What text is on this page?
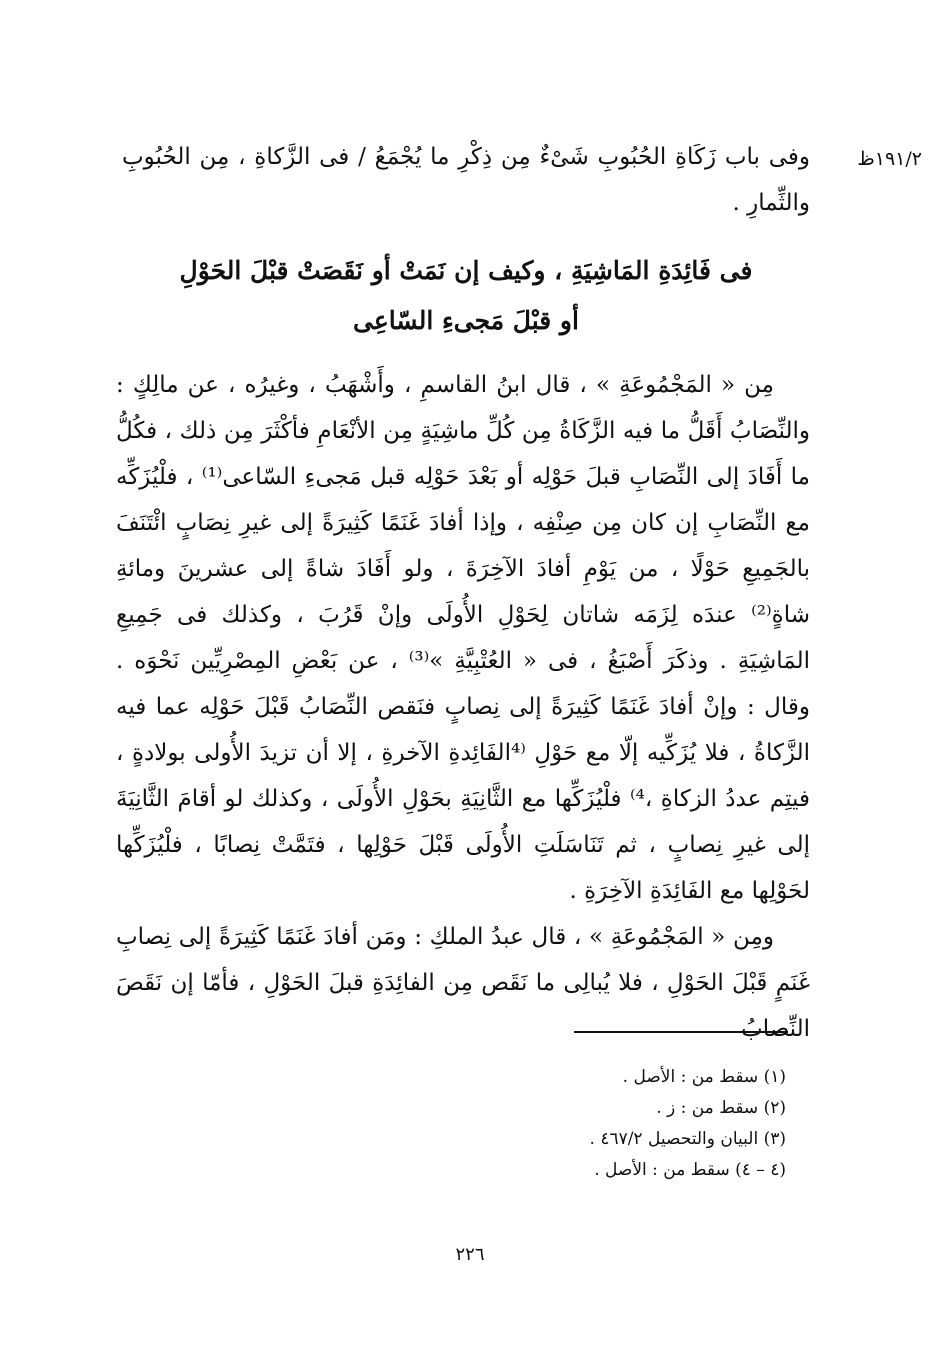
١٩١/٢ظ

وفى باب زَكَاةِ الحُبُوبِ شَىْءٌ مِن ذِكْرِ ما يُجْمَعُ / فى الزَّكاةِ ، مِن الحُبُوبِ والثِّمارِ .

فى فَائِدَةِ المَاشِيَةِ ، وكيف إن نَمَتْ أو نَقَصَتْ قبْلَ الحَوْلِ
أو قبْلَ مَجىءِ السّاعِى

مِن « المَجْمُوعَةِ » ، قال ابنُ القاسمِ ، وأَشْهَبُ ، وغيرُه ، عن مالِكٍ : والنِّصَابُ أَقَلُّ ما فيه الزَّكَاةُ مِن كُلِّ ماشِيَةٍ مِن الأنْعَامِ فأكْثَرَ مِن ذلك ، فكُلُّ ما أَفَادَ إلى النِّصَابِ قبلَ حَوْلِه أو بَعْدَ حَوْلِه قبل مَجىءِ السّاعى⁽¹⁾ ، فلْيُزَكِّه مع النِّصَابِ إن كان مِن صِنْفِه ، وإذا أفادَ غَنَمًا كَثِيرَةً إلى غيرِ نِصَابٍ ائْتَنَفَ بالجَمِيعِ حَوْلًا ، من يَوْمِ أفادَ الآخِرَةَ ، ولو أَفَادَ شاةً إلى عشرينَ ومائةِ شاةٍ⁽²⁾ عندَه لِزَمَه شاتان لِحَوْلِ الأُولَى وإنْ قَرُبَ ، وكذلك فى جَمِيعِ المَاشِيَةِ . وذكَرَ أَصْبَغُ ، فى « العُتْبِيَّةِ »⁽³⁾ ، عن بَعْضِ المِصْرِيِّين نَحْوَه . وقال : وإنْ أفادَ غَنَمًا كَثِيرَةً إلى نِصابٍ فنَقص النِّصَابُ قَبْلَ حَوْلِه عما فيه الزَّكاةُ ، فلا يُزَكِّيه إلّا مع حَوْلِ ⁽⁴الفَائِدةِ الآخرةِ ، إلا أن تزيدَ الأُولى بولادةٍ ، فيتِم عددُ الزكاةِ ،⁴⁾ فلْيُزَكِّها مع الثَّانِيَةِ بحَوْلِ الأُولَى ، وكذلك لو أقامَ الثَّانِيَةَ إلى غيرِ نِصابٍ ، ثم تَنَاسَلَتِ الأُولَى قَبْلَ حَوْلِها ، فتَمَّتْ نِصابًا ، فلْيُزَكِّها لحَوْلِها مع الفَائِدَةِ الآخِرَةِ .

ومِن « المَجْمُوعَةِ » ، قال عبدُ الملكِ : ومَن أفادَ غَنَمًا كَثِيرَةً إلى نِصابِ غَنَمٍ قَبْلَ الحَوْلِ ، فلا يُبالِى ما نَقَص مِن الفائِدَةِ قبلَ الحَوْلِ ، فأمّا إن نَقَصَ النِّصابُ

(١) سقط من : الأصل .
(٢) سقط من : ز .
(٣) البيان والتحصيل ٤٦٧/٢ .
(٤ – ٤) سقط من : الأصل .
٢٢٦
